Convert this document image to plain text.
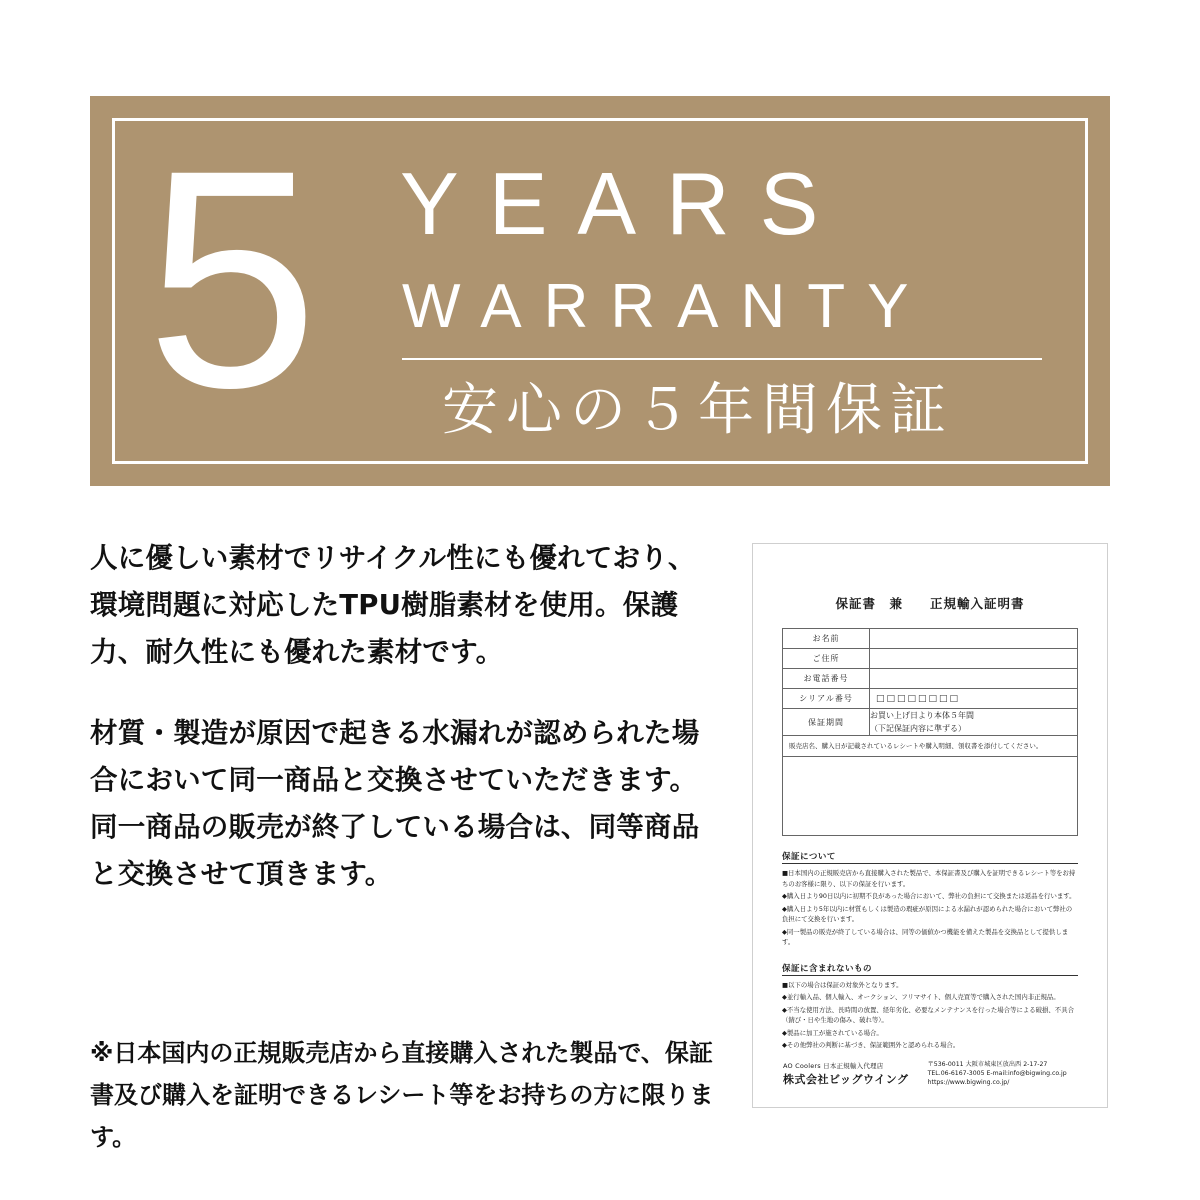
5 YEARS
WARRANTY
安心の５年間保証

人に優しい素材でリサイクル性にも優れており、環境問題に対応したTPU樹脂素材を使用。保護力、耐久性にも優れた素材です。

材質・製造が原因で起きる水漏れが認められた場合において同一商品と交換させていただきます。同一商品の販売が終了している場合は、同等商品と交換させて頂きます。

※日本国内の正規販売店から直接購入された製品で、保証書及び購入を証明できるレシート等をお持ちの方に限ります。
保証書　兼　　正規輸入証明書
お名前	
ご住所	
お電話番号	
シリアル番号	□□□□□□□□
保証期間	お買い上げ日より本体５年間
（下記保証内容に準ずる）

販売店名、購入日が記載されているレシートや購入明細、領収書を添付してください。	

保証について
■日本国内の正規販売店から直接購入された製品で、本保証書及び購入を証明できるレシート等をお持ちのお客様に限り、以下の保証を行います。
◆購入日より90日以内に初期不良があった場合において、弊社の負担にて交換または返品を行います。
◆購入日より5年以内に材質もしくは製造の瑕疵が原因による水漏れが認められた場合において弊社の負担にて交換を行います。
◆同一製品の販売が終了している場合は、同等の価値かつ機能を備えた製品を交換品として提供します。
保証に含まれないもの
■以下の場合は保証の対象外となります。
◆並行輸入品、個人輸入、オークション、フリマサイト、個人売買等で購入された国内非正規品。
◆不当な使用方法、長時間の放置、経年劣化、必要なメンテナンスを行った場合等による破損、不具合（錆び・日や生地の傷み、破れ等）。
◆製品に加工が施されている場合。
◆その他弊社の判断に基づき、保証範囲外と認められる場合。
AO Coolers 日本正規輸入代理店
株式会社ビッグウイング

〒536-0011 大阪市城東区放出西 2-17-27
TEL.06-6167-3005 E-mail:info@bigwing.co.jp
https://www.bigwing.co.jp/
